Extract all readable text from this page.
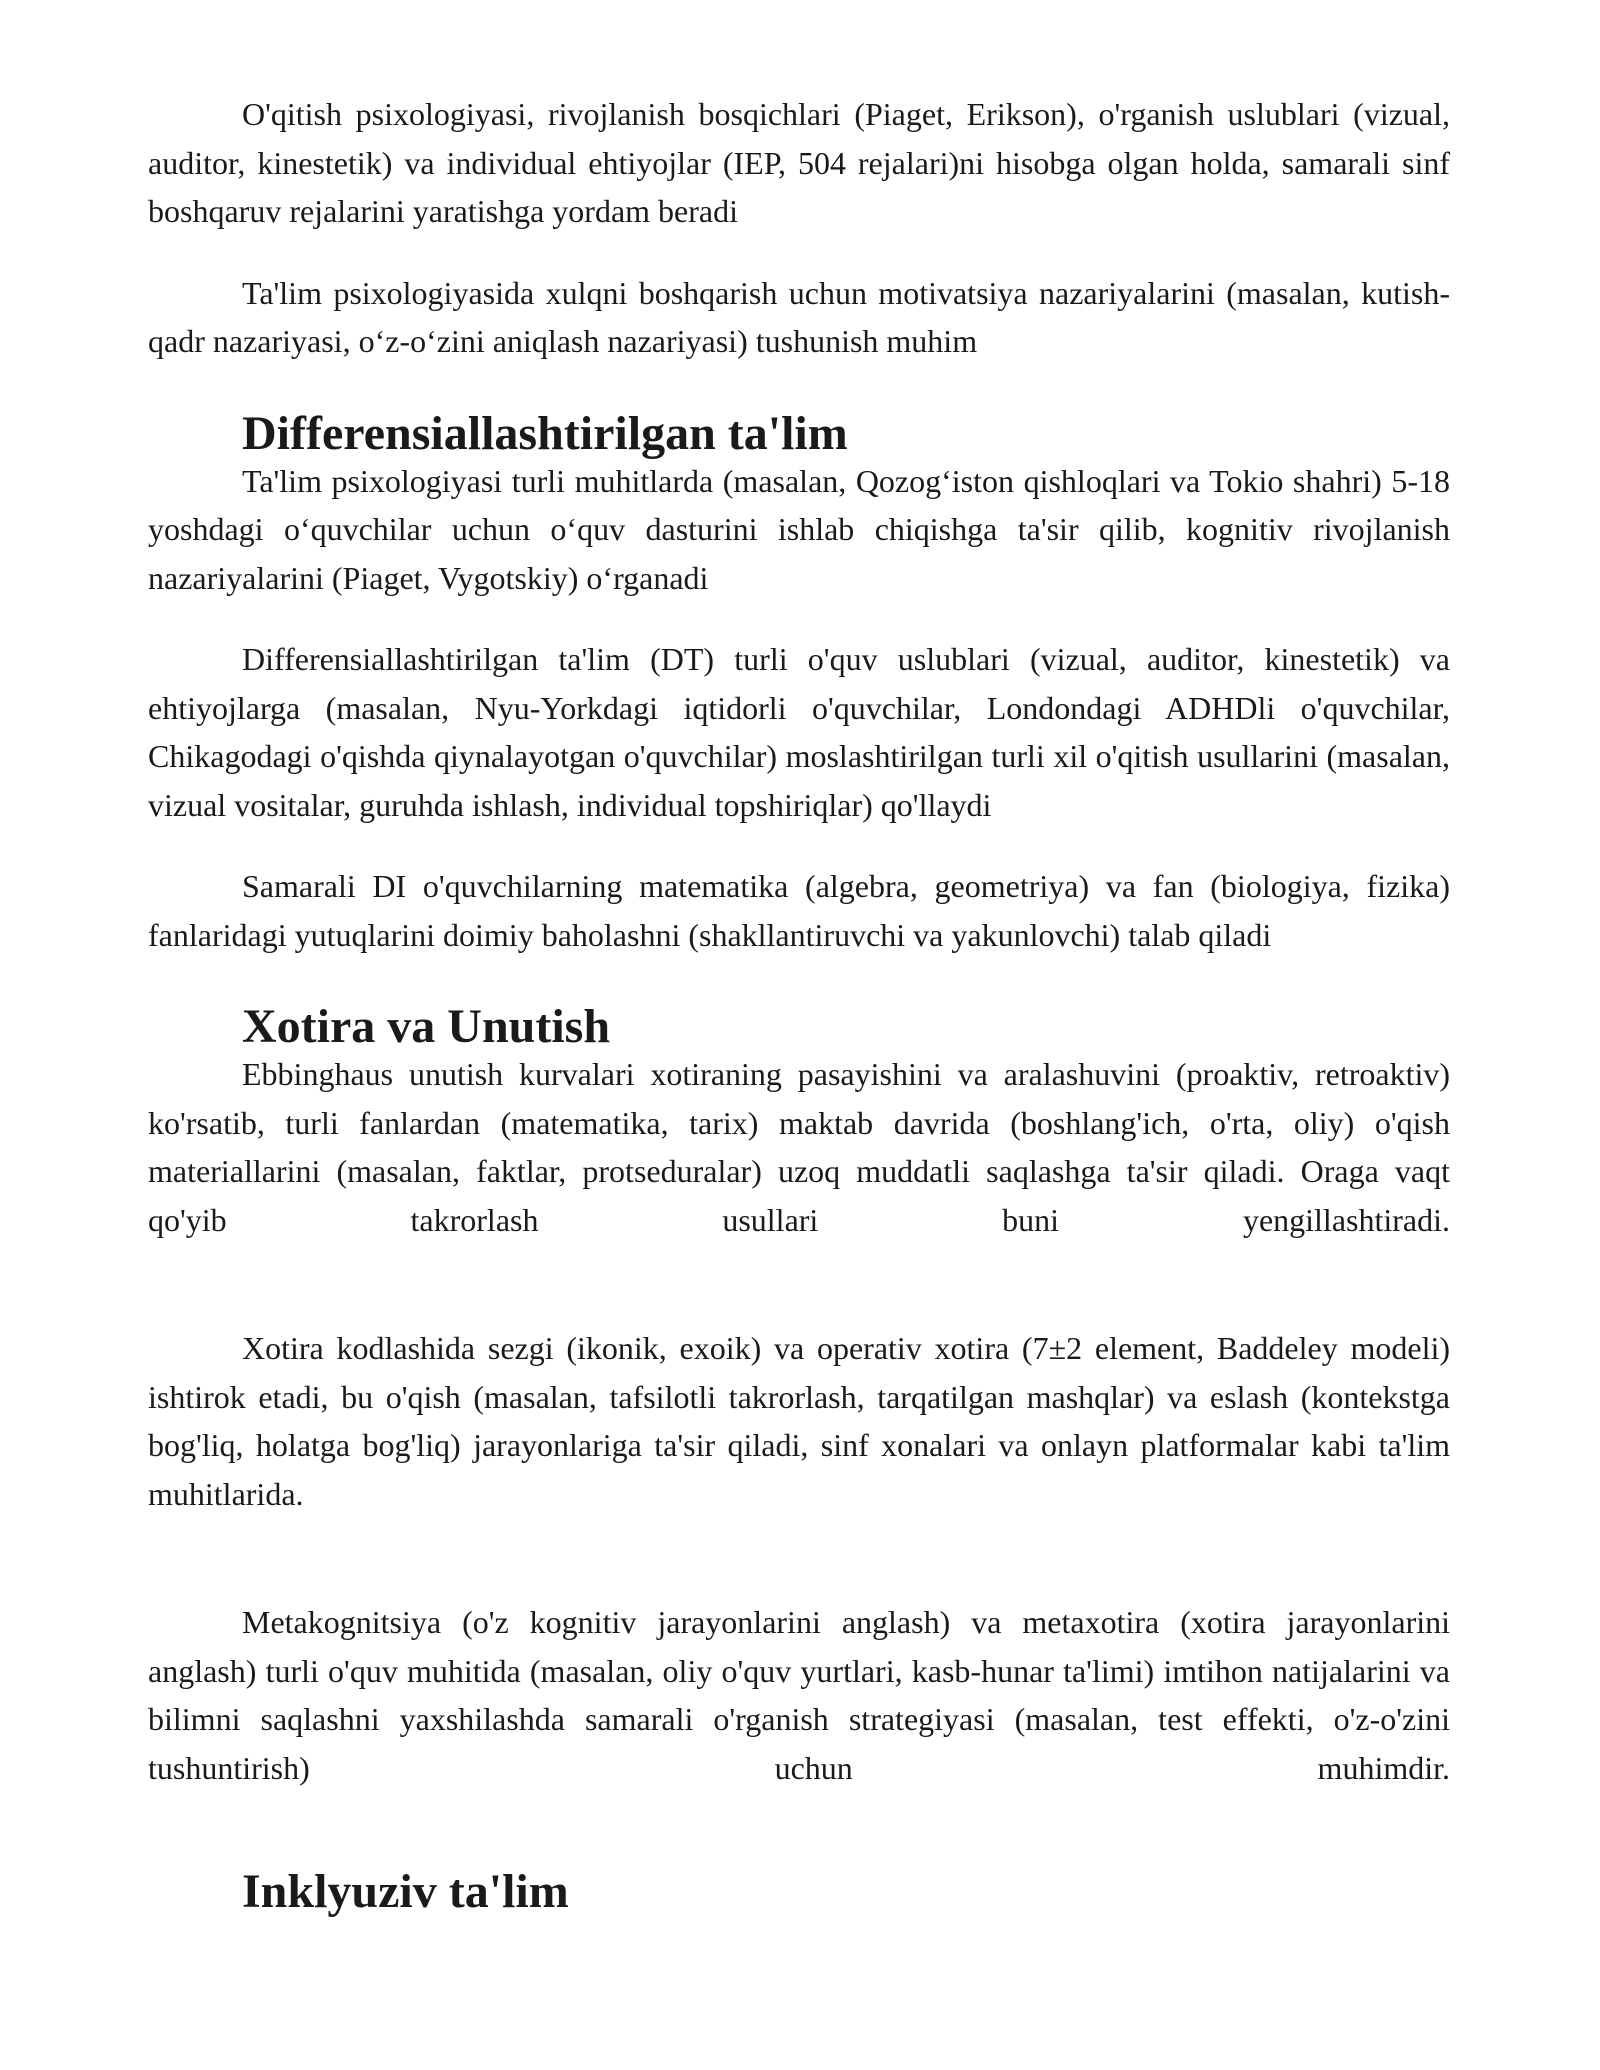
O'qitish psixologiyasi, rivojlanish bosqichlari (Piaget, Erikson), o'rganish uslublari (vizual, auditor, kinestetik) va individual ehtiyojlar (IEP, 504 rejalari)ni hisobga olgan holda, samarali sinf boshqaruv rejalarini yaratishga yordam beradi

Ta'lim psixologiyasida xulqni boshqarish uchun motivatsiya nazariyalarini (masalan, kutish-qadr nazariyasi, o‘z-o‘zini aniqlash nazariyasi) tushunish muhim

Differensiallashtirilgan ta'lim

Ta'lim psixologiyasi turli muhitlarda (masalan, Qozog‘iston qishloqlari va Tokio shahri) 5-18 yoshdagi o‘quvchilar uchun o‘quv dasturini ishlab chiqishga ta'sir qilib, kognitiv rivojlanish nazariyalarini (Piaget, Vygotskiy) o‘rganadi

Differensiallashtirilgan ta'lim (DT) turli o'quv uslublari (vizual, auditor, kinestetik) va ehtiyojlarga (masalan, Nyu-Yorkdagi iqtidorli o'quvchilar, Londondagi ADHDli o'quvchilar, Chikagodagi o'qishda qiynalayotgan o'quvchilar) moslashtirilgan turli xil o'qitish usullarini (masalan, vizual vositalar, guruhda ishlash, individual topshiriqlar) qo'llaydi

Samarali DI o'quvchilarning matematika (algebra, geometriya) va fan (biologiya, fizika) fanlaridagi yutuqlarini doimiy baholashni (shakllantiruvchi va yakunlovchi) talab qiladi

Xotira va Unutish

Ebbinghaus unutish kurvalari xotiraning pasayishini va aralashuvini (proaktiv, retroaktiv) ko'rsatib, turli fanlardan (matematika, tarix) maktab davrida (boshlang'ich, o'rta, oliy) o'qish materiallarini (masalan, faktlar, protseduralar) uzoq muddatli saqlashga ta'sir qiladi. Oraga vaqt qo'yib takrorlash usullari buni yengillashtiradi.

Xotira kodlashida sezgi (ikonik, exoik) va operativ xotira (7±2 element, Baddeley modeli) ishtirok etadi, bu o'qish (masalan, tafsilotli takrorlash, tarqatilgan mashqlar) va eslash (kontekstga bog'liq, holatga bog'liq) jarayonlariga ta'sir qiladi, sinf xonalari va onlayn platformalar kabi ta'lim muhitlarida.

Metakognitsiya (o'z kognitiv jarayonlarini anglash) va metaxotira (xotira jarayonlarini anglash) turli o'quv muhitida (masalan, oliy o'quv yurtlari, kasb-hunar ta'limi) imtihon natijalarini va bilimni saqlashni yaxshilashda samarali o'rganish strategiyasi (masalan, test effekti, o'z-o'zini tushuntirish) uchun muhimdir.

Inklyuziv ta'lim
